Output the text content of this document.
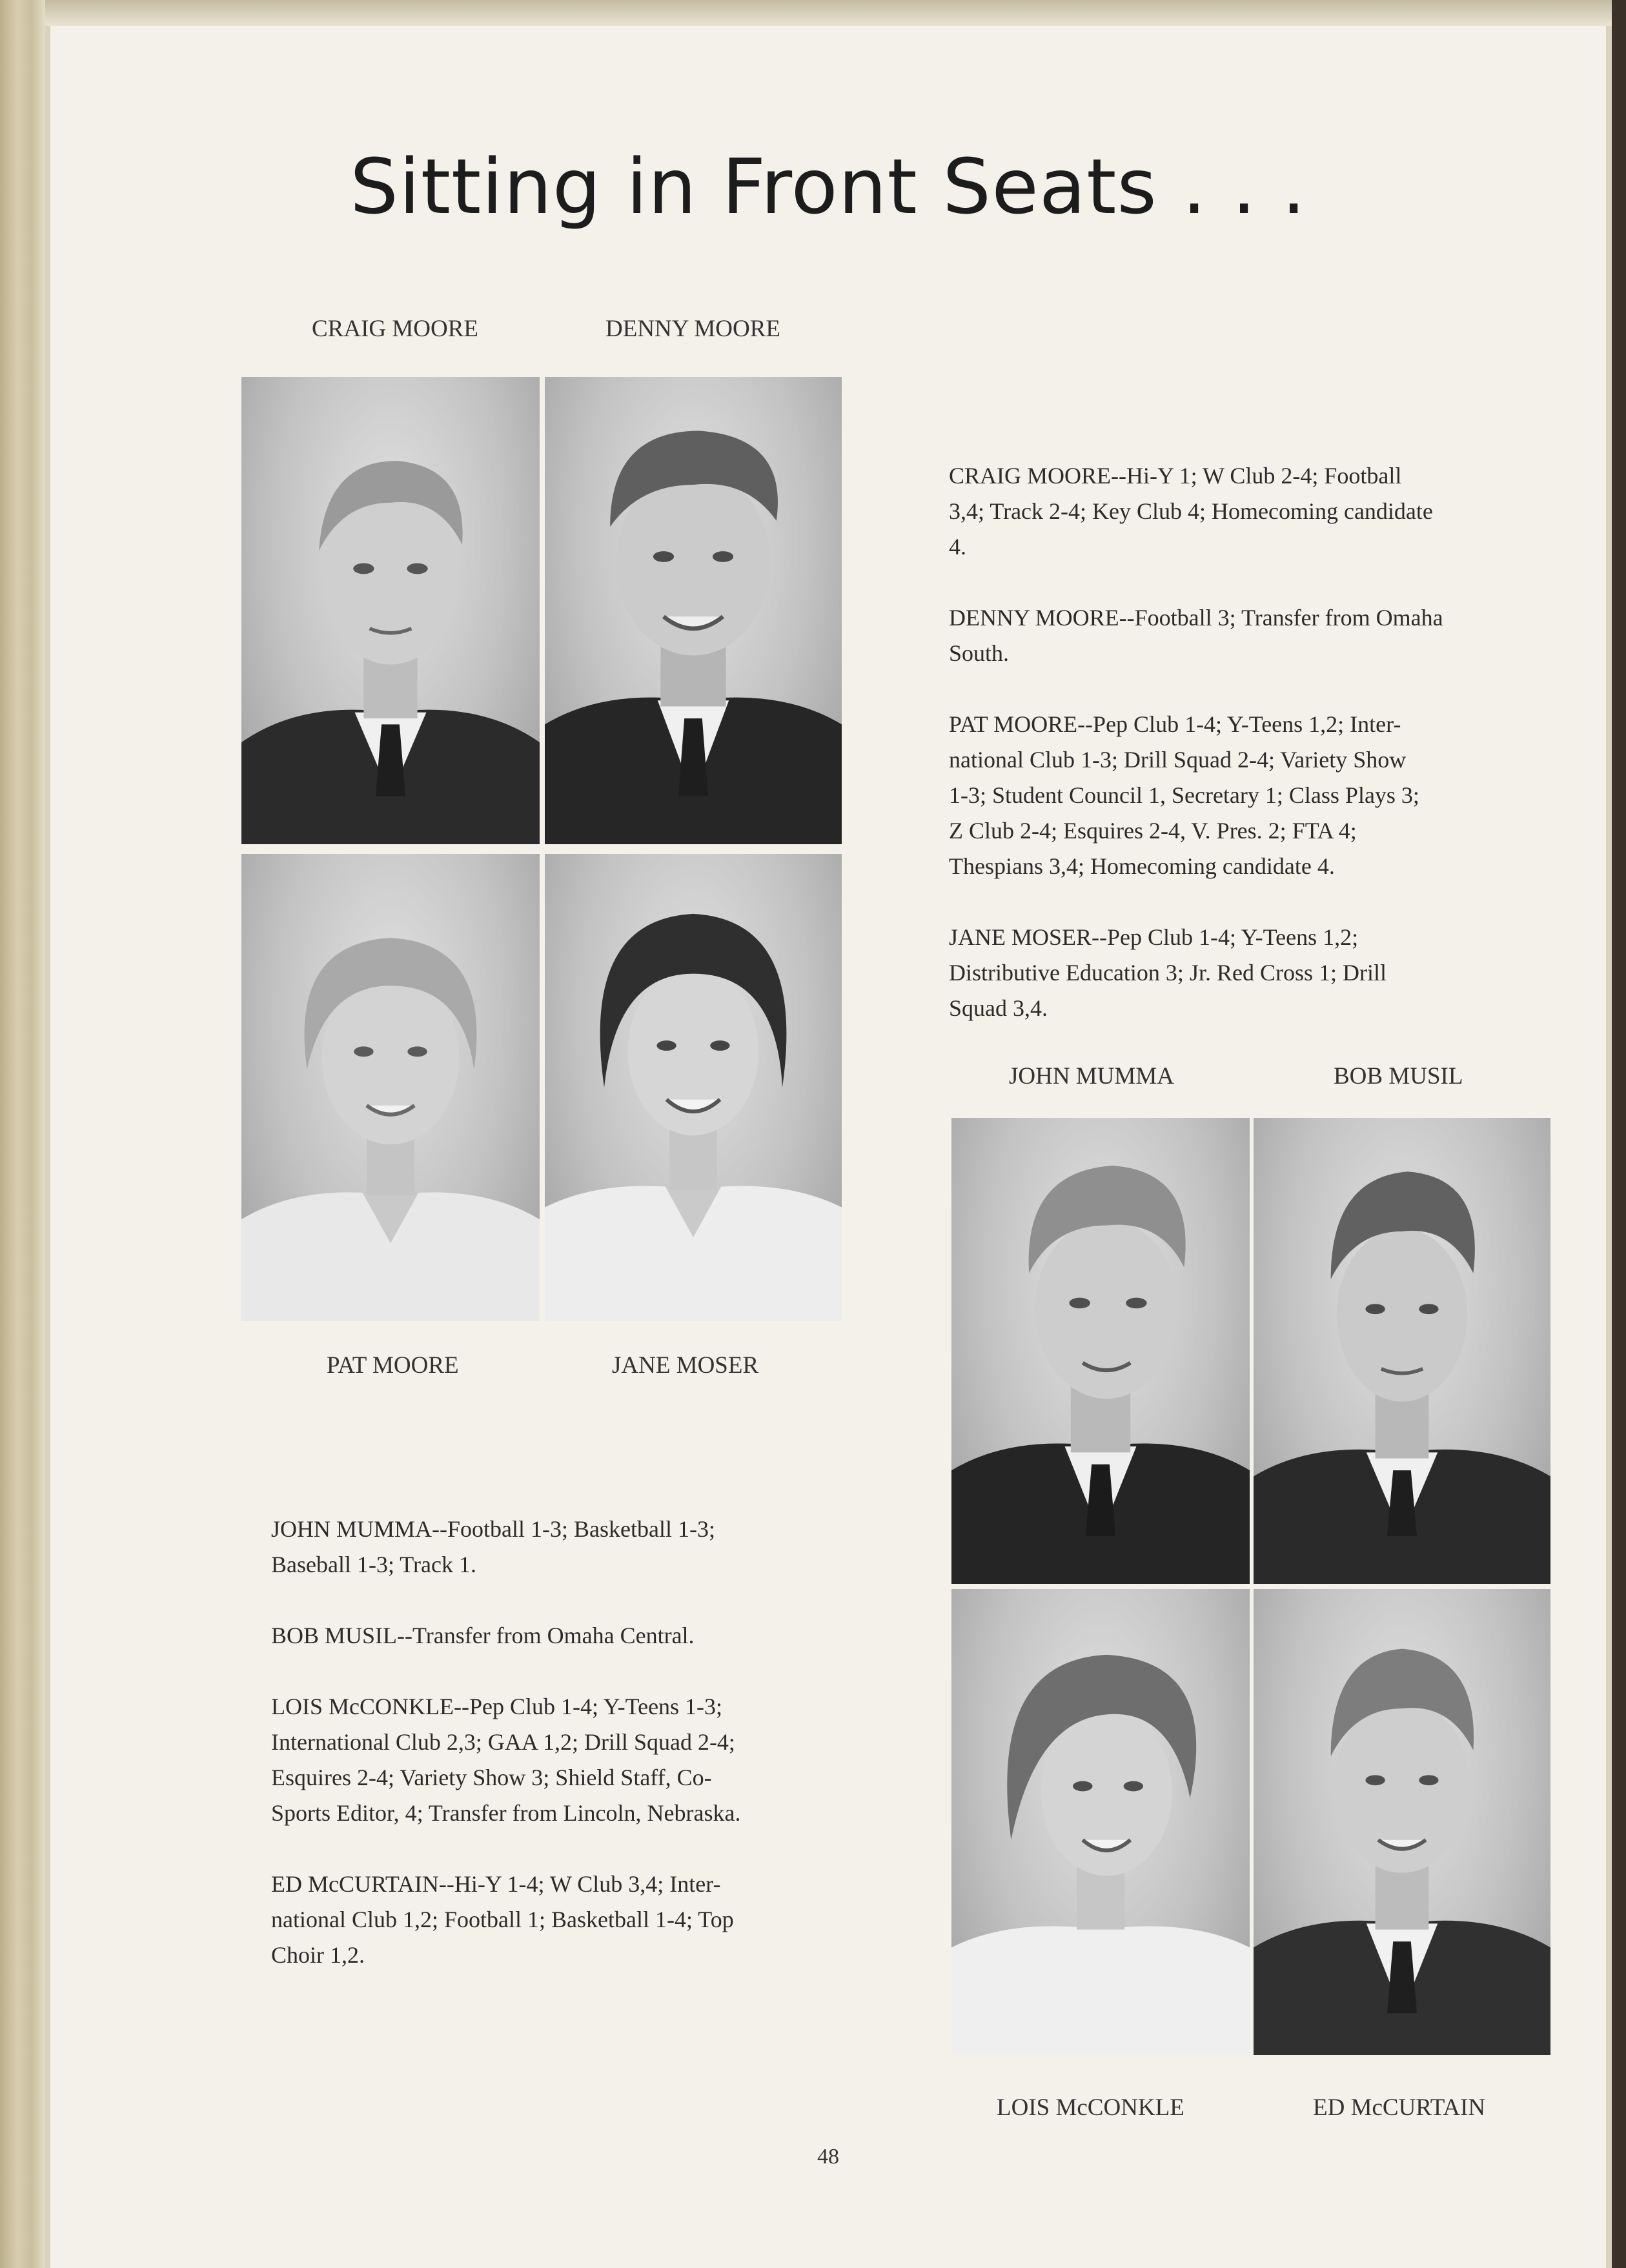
Sitting in Front Seats . . .
CRAIG MOORE	DENNY MOORE
PAT MOORE	JANE MOSER

CRAIG MOORE--Hi-Y 1; W Club 2-4; Football
3,4; Track 2-4; Key Club 4; Homecoming candidate
4.

DENNY MOORE--Football 3; Transfer from Omaha
South.

PAT MOORE--Pep Club 1-4; Y-Teens 1,2; Inter-
national Club 1-3; Drill Squad 2-4; Variety Show
1-3; Student Council 1, Secretary 1; Class Plays 3;
Z Club 2-4; Esquires 2-4, V. Pres. 2; FTA 4;
Thespians 3,4; Homecoming candidate 4.

JANE MOSER--Pep Club 1-4; Y-Teens 1,2;
Distributive Education 3; Jr. Red Cross 1; Drill
Squad 3,4.

JOHN MUMMA	BOB MUSIL
LOIS McCONKLE	ED McCURTAIN

JOHN MUMMA--Football 1-3; Basketball 1-3;
Baseball 1-3; Track 1.

BOB MUSIL--Transfer from Omaha Central.

LOIS McCONKLE--Pep Club 1-4; Y-Teens 1-3;
International Club 2,3; GAA 1,2; Drill Squad 2-4;
Esquires 2-4; Variety Show 3; Shield Staff, Co-
Sports Editor, 4; Transfer from Lincoln, Nebraska.

ED McCURTAIN--Hi-Y 1-4; W Club 3,4; Inter-
national Club 1,2; Football 1; Basketball 1-4; Top
Choir 1,2.

48
